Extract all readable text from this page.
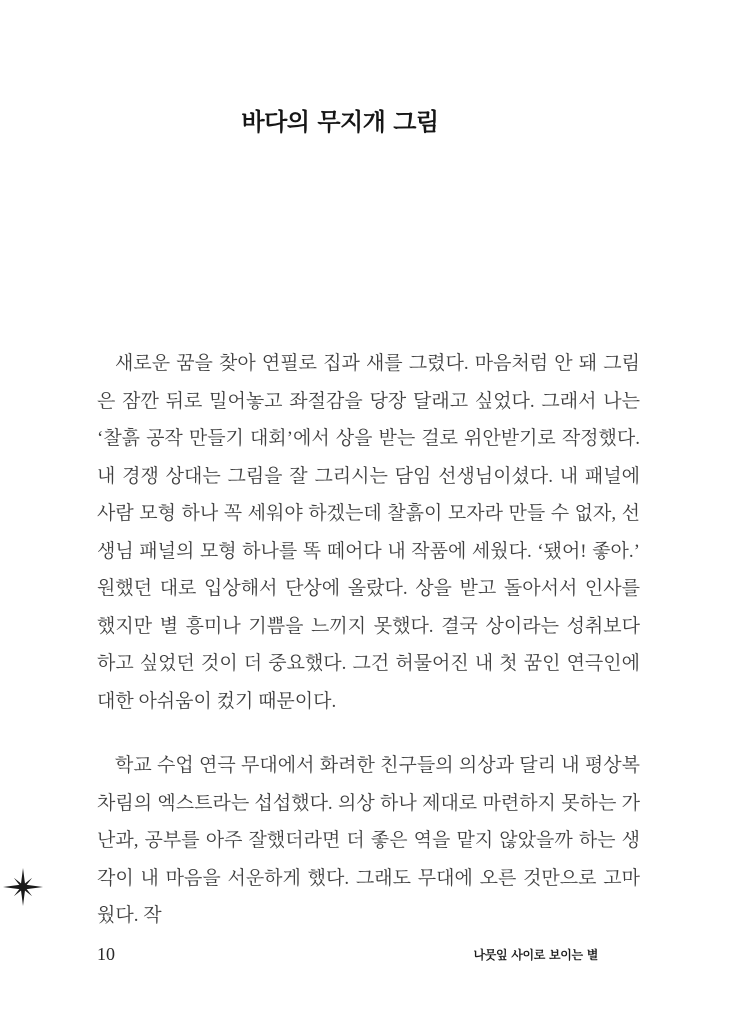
바다의 무지개 그림

새로운 꿈을 찾아 연필로 집과 새를 그렸다. 마음처럼 안 돼 그림은 잠깐 뒤로 밀어놓고 좌절감을 당장 달래고 싶었다. 그래서 나는 ‘찰흙 공작 만들기 대회’에서 상을 받는 걸로 위안받기로 작정했다. 내 경쟁 상대는 그림을 잘 그리시는 담임 선생님이셨다. 내 패널에 사람 모형 하나 꼭 세워야 하겠는데 찰흙이 모자라 만들 수 없자, 선생님 패널의 모형 하나를 똑 떼어다 내 작품에 세웠다. ‘됐어! 좋아.’ 원했던 대로 입상해서 단상에 올랐다. 상을 받고 돌아서서 인사를 했지만 별 흥미나 기쁨을 느끼지 못했다. 결국 상이라는 성취보다 하고 싶었던 것이 더 중요했다. 그건 허물어진 내 첫 꿈인 연극인에 대한 아쉬움이 컸기 때문이다.

학교 수업 연극 무대에서 화려한 친구들의 의상과 달리 내 평상복 차림의 엑스트라는 섭섭했다. 의상 하나 제대로 마련하지 못하는 가난과, 공부를 아주 잘했더라면 더 좋은 역을 맡지 않았을까 하는 생각이 내 마음을 서운하게 했다. 그래도 무대에 오른 것만으로 고마웠다. 작

10	나뭇잎 사이로 보이는 별
